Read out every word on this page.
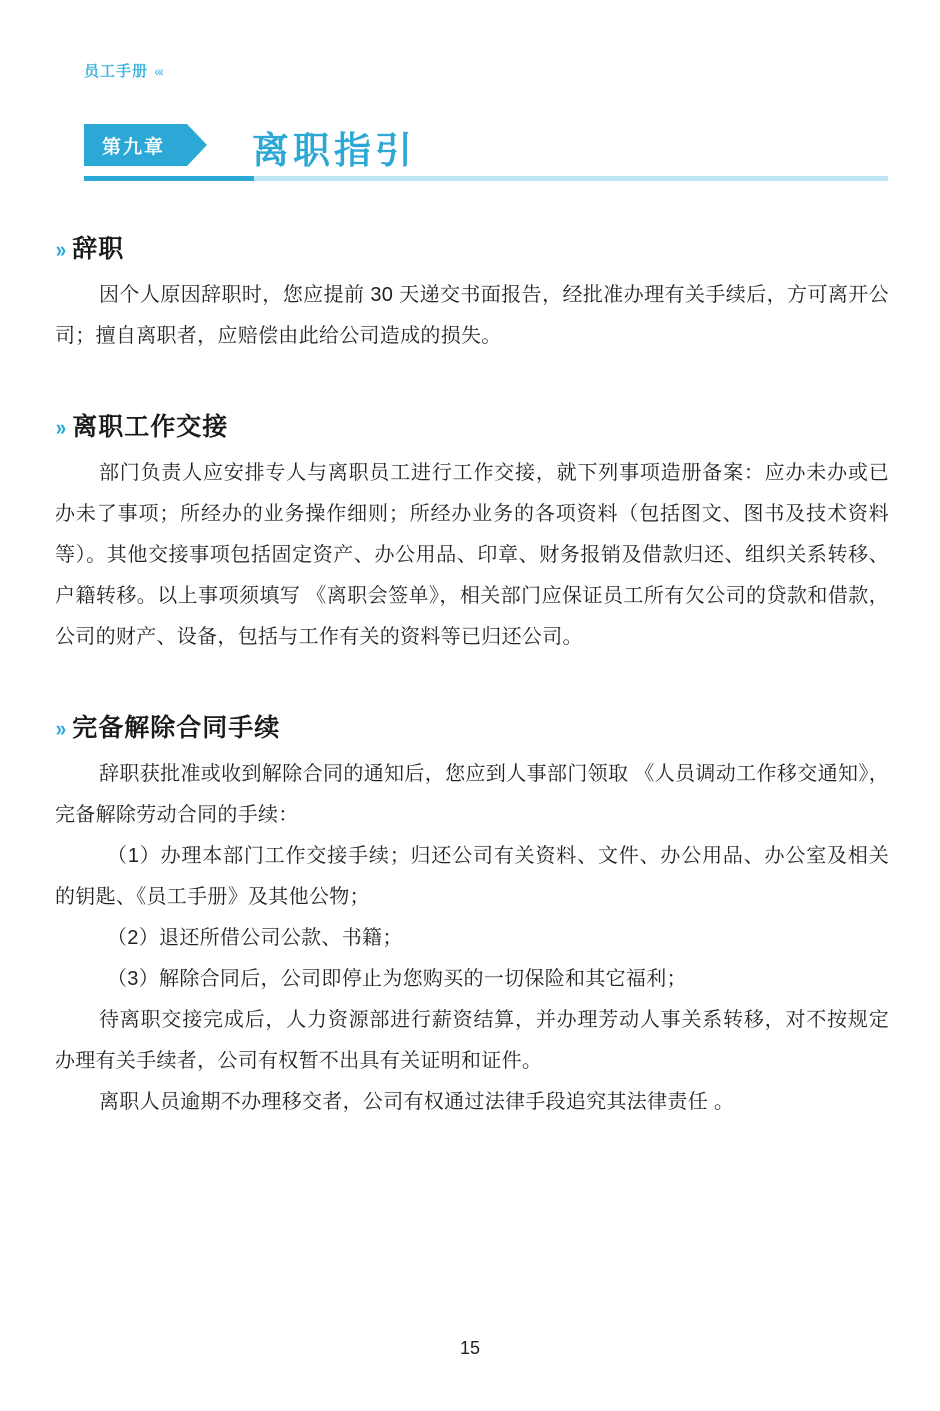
员工手册 «‹
第九章	离职指引
» 辞职

因个人原因辞职时，您应提前 30 天递交书面报告，经批准办理有关手续后，方可离开公司；擅自离职者，应赔偿由此给公司造成的损失。

» 离职工作交接

部门负责人应安排专人与离职员工进行工作交接，就下列事项造册备案：应办未办或已办未了事项；所经办的业务操作细则；所经办业务的各项资料（包括图文、图书及技术资料等）。其他交接事项包括固定资产、办公用品、印章、财务报销及借款归还、组织关系转移、户籍转移。以上事项须填写 《离职会签单》，相关部门应保证员工所有欠公司的贷款和借款，公司的财产、设备，包括与工作有关的资料等已归还公司。

» 完备解除合同手续

辞职获批准或收到解除合同的通知后，您应到人事部门领取 《人员调动工作移交通知》，完备解除劳动合同的手续：

（1）办理本部门工作交接手续；归还公司有关资料、文件、办公用品、办公室及相关的钥匙、《员工手册》及其他公物；

（2）退还所借公司公款、书籍；

（3）解除合同后，公司即停止为您购买的一切保险和其它福利；

待离职交接完成后，人力资源部进行薪资结算，并办理芳动人事关系转移，对不按规定办理有关手续者，公司有权暂不出具有关证明和证件。

离职人员逾期不办理移交者，公司有权通过法律手段追究其法律责任 。

15
